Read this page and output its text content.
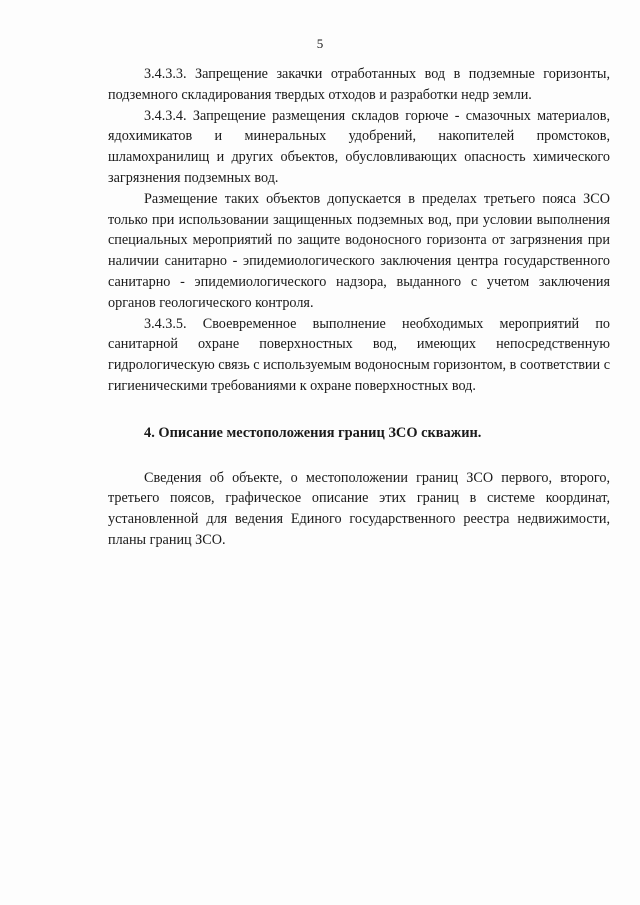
5

3.4.3.3. Запрещение закачки отработанных вод в подземные горизонты, подземного складирования твердых отходов и разработки недр земли.

3.4.3.4. Запрещение размещения складов горюче - смазочных материалов, ядохимикатов и минеральных удобрений, накопителей промстоков, шламохранилищ и других объектов, обусловливающих опасность химического загрязнения подземных вод.

Размещение таких объектов допускается в пределах третьего пояса ЗСО только при использовании защищенных подземных вод, при условии выполнения специальных мероприятий по защите водоносного горизонта от загрязнения при наличии санитарно - эпидемиологического заключения центра государственного санитарно - эпидемиологического надзора, выданного с учетом заключения органов геологического контроля.

3.4.3.5. Своевременное выполнение необходимых мероприятий по санитарной охране поверхностных вод, имеющих непосредственную гидрологическую связь с используемым водоносным горизонтом, в соответствии с гигиеническими требованиями к охране поверхностных вод.

4. Описание местоположения границ ЗСО скважин.

Сведения об объекте, о местоположении границ ЗСО первого, второго, третьего поясов, графическое описание этих границ в системе координат, установленной для ведения Единого государственного реестра недвижимости, планы границ ЗСО.
